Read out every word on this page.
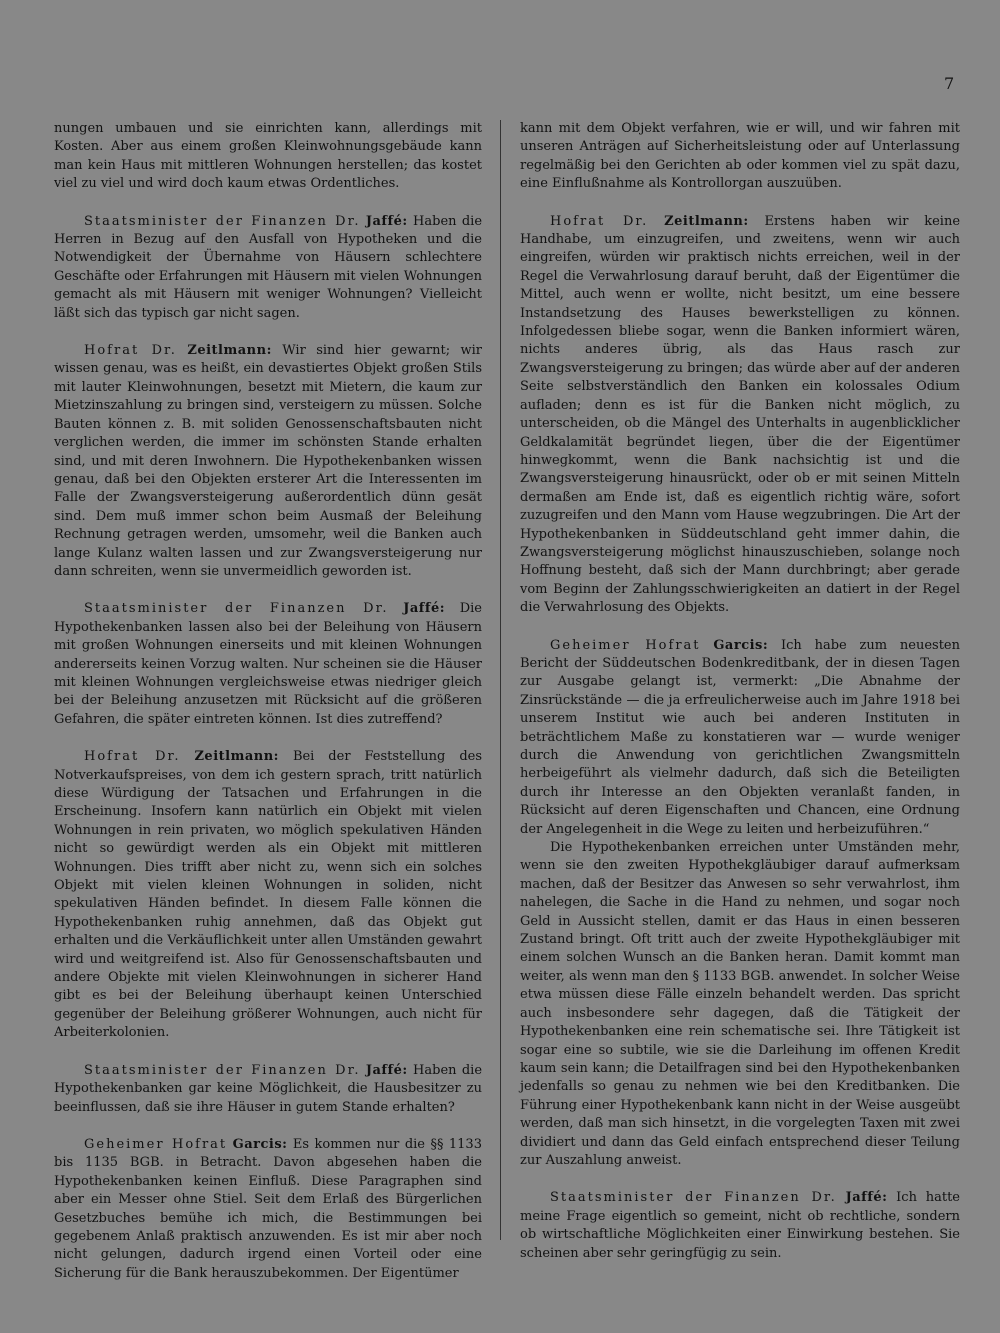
7

nungen umbauen und sie einrichten kann, allerdings mit Kosten. Aber aus einem großen Kleinwohnungsgebäude kann man kein Haus mit mittleren Wohnungen herstellen; das kostet viel zu viel und wird doch kaum etwas Ordentliches.

Staatsminister der Finanzen Dr. Jaffé: Haben die Herren in Bezug auf den Ausfall von Hypotheken und die Notwendigkeit der Übernahme von Häusern schlechtere Geschäfte oder Erfahrungen mit Häusern mit vielen Wohnungen gemacht als mit Häusern mit weniger Wohnungen? Vielleicht läßt sich das typisch gar nicht sagen.

Hofrat Dr. Zeitlmann: Wir sind hier gewarnt; wir wissen genau, was es heißt, ein devastiertes Objekt großen Stils mit lauter Kleinwohnungen, besetzt mit Mietern, die kaum zur Mietzinszahlung zu bringen sind, versteigern zu müssen. Solche Bauten können z. B. mit soliden Genossenschaftsbauten nicht verglichen werden, die immer im schönsten Stande erhalten sind, und mit deren Inwohnern. Die Hypothekenbanken wissen genau, daß bei den Objekten ersterer Art die Interessenten im Falle der Zwangsversteigerung außerordentlich dünn gesät sind. Dem muß immer schon beim Ausmaß der Beleihung Rechnung getragen werden, umsomehr, weil die Banken auch lange Kulanz walten lassen und zur Zwangsversteigerung nur dann schreiten, wenn sie unvermeidlich geworden ist.

Staatsminister der Finanzen Dr. Jaffé: Die Hypothekenbanken lassen also bei der Beleihung von Häusern mit großen Wohnungen einerseits und mit kleinen Wohnungen andererseits keinen Vorzug walten. Nur scheinen sie die Häuser mit kleinen Wohnungen vergleichsweise etwas niedriger gleich bei der Beleihung anzusetzen mit Rücksicht auf die größeren Gefahren, die später eintreten können. Ist dies zutreffend?

Hofrat Dr. Zeitlmann: Bei der Feststellung des Notverkaufspreises, von dem ich gestern sprach, tritt natürlich diese Würdigung der Tatsachen und Erfahrungen in die Erscheinung. Insofern kann natürlich ein Objekt mit vielen Wohnungen in rein privaten, wo möglich spekulativen Händen nicht so gewürdigt werden als ein Objekt mit mittleren Wohnungen. Dies trifft aber nicht zu, wenn sich ein solches Objekt mit vielen kleinen Wohnungen in soliden, nicht spekulativen Händen befindet. In diesem Falle können die Hypothekenbanken ruhig annehmen, daß das Objekt gut erhalten und die Verkäuflichkeit unter allen Umständen gewahrt wird und weitgreifend ist. Also für Genossenschaftsbauten und andere Objekte mit vielen Kleinwohnungen in sicherer Hand gibt es bei der Beleihung überhaupt keinen Unterschied gegenüber der Beleihung größerer Wohnungen, auch nicht für Arbeiterkolonien.

Staatsminister der Finanzen Dr. Jaffé: Haben die Hypothekenbanken gar keine Möglichkeit, die Hausbesitzer zu beeinflussen, daß sie ihre Häuser in gutem Stande erhalten?

Geheimer Hofrat Garcis: Es kommen nur die §§ 1133 bis 1135 BGB. in Betracht. Davon abgesehen haben die Hypothekenbanken keinen Einfluß. Diese Paragraphen sind aber ein Messer ohne Stiel. Seit dem Erlaß des Bürgerlichen Gesetzbuches bemühe ich mich, die Bestimmungen bei gegebenem Anlaß praktisch anzuwenden. Es ist mir aber noch nicht gelungen, dadurch irgend einen Vorteil oder eine Sicherung für die Bank herauszubekommen. Der Eigentümer

kann mit dem Objekt verfahren, wie er will, und wir fahren mit unseren Anträgen auf Sicherheitsleistung oder auf Unterlassung regelmäßig bei den Gerichten ab oder kommen viel zu spät dazu, eine Einflußnahme als Kontrollorgan auszuüben.

Hofrat Dr. Zeitlmann: Erstens haben wir keine Handhabe, um einzugreifen, und zweitens, wenn wir auch eingreifen, würden wir praktisch nichts erreichen, weil in der Regel die Verwahrlosung darauf beruht, daß der Eigentümer die Mittel, auch wenn er wollte, nicht besitzt, um eine bessere Instandsetzung des Hauses bewerkstelligen zu können. Infolgedessen bliebe sogar, wenn die Banken informiert wären, nichts anderes übrig, als das Haus rasch zur Zwangsversteigerung zu bringen; das würde aber auf der anderen Seite selbstverständlich den Banken ein kolossales Odium aufladen; denn es ist für die Banken nicht möglich, zu unterscheiden, ob die Mängel des Unterhalts in augenblicklicher Geldkalamität begründet liegen, über die der Eigentümer hinwegkommt, wenn die Bank nachsichtig ist und die Zwangsversteigerung hinausrückt, oder ob er mit seinen Mitteln dermaßen am Ende ist, daß es eigentlich richtig wäre, sofort zuzugreifen und den Mann vom Hause wegzubringen. Die Art der Hypothekenbanken in Süddeutschland geht immer dahin, die Zwangsversteigerung möglichst hinauszuschieben, solange noch Hoffnung besteht, daß sich der Mann durchbringt; aber gerade vom Beginn der Zahlungsschwierigkeiten an datiert in der Regel die Verwahrlosung des Objekts.

Geheimer Hofrat Garcis: Ich habe zum neuesten Bericht der Süddeutschen Bodenkreditbank, der in diesen Tagen zur Ausgabe gelangt ist, vermerkt: „Die Abnahme der Zinsrückstände — die ja erfreulicherweise auch im Jahre 1918 bei unserem Institut wie auch bei anderen Instituten in beträchtlichem Maße zu konstatieren war — wurde weniger durch die Anwendung von gerichtlichen Zwangsmitteln herbeigeführt als vielmehr dadurch, daß sich die Beteiligten durch ihr Interesse an den Objekten veranlaßt fanden, in Rücksicht auf deren Eigenschaften und Chancen, eine Ordnung der Angelegenheit in die Wege zu leiten und herbeizuführen.“

Die Hypothekenbanken erreichen unter Umständen mehr, wenn sie den zweiten Hypothekgläubiger darauf aufmerksam machen, daß der Besitzer das Anwesen so sehr verwahrlost, ihm nahelegen, die Sache in die Hand zu nehmen, und sogar noch Geld in Aussicht stellen, damit er das Haus in einen besseren Zustand bringt. Oft tritt auch der zweite Hypothekgläubiger mit einem solchen Wunsch an die Banken heran. Damit kommt man weiter, als wenn man den § 1133 BGB. anwendet. In solcher Weise etwa müssen diese Fälle einzeln behandelt werden. Das spricht auch insbesondere sehr dagegen, daß die Tätigkeit der Hypothekenbanken eine rein schematische sei. Ihre Tätigkeit ist sogar eine so subtile, wie sie die Darleihung im offenen Kredit kaum sein kann; die Detailfragen sind bei den Hypothekenbanken jedenfalls so genau zu nehmen wie bei den Kreditbanken. Die Führung einer Hypothekenbank kann nicht in der Weise ausgeübt werden, daß man sich hinsetzt, in die vorgelegten Taxen mit zwei dividiert und dann das Geld einfach entsprechend dieser Teilung zur Auszahlung anweist.

Staatsminister der Finanzen Dr. Jaffé: Ich hatte meine Frage eigentlich so gemeint, nicht ob rechtliche, sondern ob wirtschaftliche Möglichkeiten einer Einwirkung bestehen. Sie scheinen aber sehr geringfügig zu sein.
